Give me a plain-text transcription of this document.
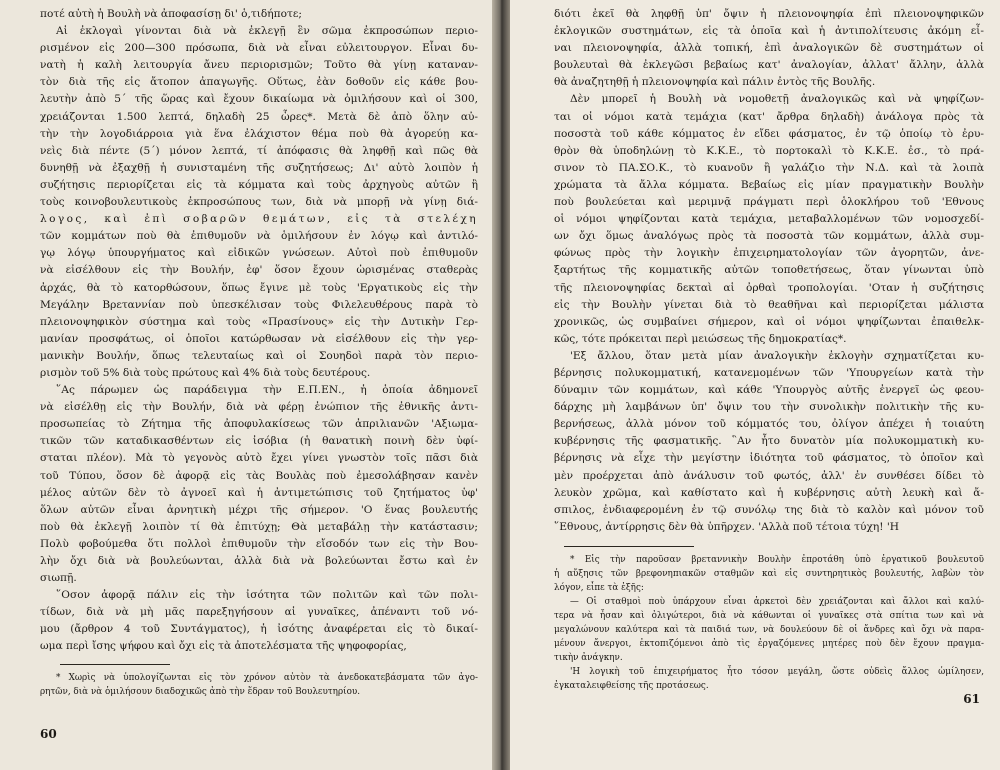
ποτέ αὐτὴ ἡ Βουλὴ νὰ ἀποφασίσῃ δι' ὁ,τιδήποτε;
Αἱ ἐκλογαὶ γίνονται διὰ νὰ ἐκλεγῇ ἓν σῶμα ἐκπροσώπων περιο-
ρισμένον εἰς 200—300 πρόσωπα, διὰ νὰ εἶναι εὐλειτουργον. Εἶναι δυ-
νατὴ ἡ καλὴ λειτουργία ἄνευ περιορισμῶν; Τοῦτο θὰ γίνῃ καταναν-
τὸν διὰ τῆς εἰς ἄτοπον ἀπαγωγῆς. Οὕτως, ἐὰν δοθοῦν εἰς κάθε βου-
λευτὴν ἀπὸ 5΄ τῆς ὥρας καὶ ἔχουν δικαίωμα νὰ ὁμιλήσουν καὶ οἱ 300,
χρειάζονται 1.500 λεπτά, δηλαδὴ 25 ὧρες*. Μετὰ δὲ ἀπὸ ὅλην αὐ-
τὴν τὴν λογοδιάρροια γιὰ ἕνα ἐλάχιστον θέμα ποὺ θὰ ἀγορεύῃ κα-
νεὶς διὰ πέντε (5΄) μόνον λεπτά, τί ἀπόφασις θὰ ληφθῇ καὶ πῶς θὰ
δυνηθῇ νὰ ἐξαχθῇ ἡ συνισταμένη τῆς συζητήσεως; Δι' αὐτὸ λοιπὸν ἡ
συζήτησις περιορίζεται εἰς τὰ κόμματα καὶ τοὺς ἀρχηγοὺς αὐτῶν ἢ
τοὺς κοινοβουλευτικοὺς ἐκπροσώπους των, διὰ νὰ μπορῇ νὰ γίνῃ διά-
λογος, καὶ ἐπὶ σοβαρῶν θεμάτων, εἰς τὰ στελέχη
τῶν κομμάτων ποὺ θὰ ἐπιθυμοῦν νὰ ὁμιλήσουν ἐν λόγῳ καὶ ἀντιλό-
γῳ λόγῳ ὑπουργήματος καὶ εἰδικῶν γνώσεων. Αὐτοὶ ποὺ ἐπιθυμοῦν
νὰ εἰσέλθουν εἰς τὴν Βουλήν, ἐφ' ὅσον ἔχουν ὡρισμένας σταθερὰς
ἀρχάς, θὰ τὸ κατορθώσουν, ὅπως ἔγινε μὲ τοὺς 'Εργατικοὺς εἰς τὴν
Μεγάλην Βρεταννίαν ποὺ ὑπεσκέλισαν τοὺς Φιλελευθέρους παρὰ τὸ
πλειονοψηφικὸν σύστημα καὶ τοὺς «Πρασίνους» εἰς τὴν Δυτικὴν Γερ-
μανίαν προσφάτως, οἱ ὁποῖοι κατώρθωσαν νὰ εἰσέλθουν εἰς τὴν γερ-
μανικὴν Βουλήν, ὅπως τελευταίως καὶ οἱ Σουηδοὶ παρὰ τὸν περιο-
ρισμὸν τοῦ 5% διὰ τοὺς πρώτους καὶ 4% διὰ τοὺς δευτέρους.
῞Ας πάρωμεν ὡς παράδειγμα τὴν Ε.Π.ΕΝ., ἡ ὁποία ἀδημονεῖ
νὰ εἰσέλθῃ εἰς τὴν Βουλήν, διὰ νὰ φέρῃ ἐνώπιον τῆς ἐθνικῆς ἀντι-
προσωπείας τὸ Ζήτημα τῆς ἀποφυλακίσεως τῶν ἀπριλιανῶν 'Αξιωμα-
τικῶν τῶν καταδικασθέντων εἰς ἰσόβια (ἡ θανατικὴ ποινὴ δὲν ὑφί-
σταται πλέον). Μὰ τὸ γεγονὸς αὐτὸ ἔχει γίνει γνωστὸν τοῖς πᾶσι διὰ
τοῦ Τύπου, ὅσον δὲ ἀφορᾷ εἰς τὰς Βουλὰς ποὺ ἐμεσολάβησαν κανὲν
μέλος αὐτῶν δὲν τὸ ἀγνοεῖ καὶ ἡ ἀντιμετώπισις τοῦ ζητήματος ὑφ'
ὅλων αὐτῶν εἶναι ἀρνητικὴ μέχρι τῆς σήμερον. 'Ο ἕνας βουλευτής
ποὺ θὰ ἐκλεγῇ λοιπὸν τί θὰ ἐπιτύχῃ; Θὰ μεταβάλῃ τὴν κατάστασιν;
Πολὺ φοβούμεθα ὅτι πολλοὶ ἐπιθυμοῦν τὴν εἴσοδόν των εἰς τὴν Βου-
λὴν ὄχι διὰ νὰ βουλεύωνται, ἀλλὰ διὰ νὰ βολεύωνται ἔστω καὶ ἐν
σιωπῇ.
῞Οσον ἀφορᾷ πάλιν εἰς τὴν ἰσότητα τῶν πολιτῶν καὶ τῶν πολι-
τίδων, διὰ νὰ μὴ μᾶς παρεξηγήσουν αἱ γυναῖκες, ἀπέναντι τοῦ νό-
μου (ἄρθρον 4 τοῦ Συντάγματος), ἡ ἰσότης ἀναφέρεται εἰς τὸ δικαί-
ωμα περὶ ἴσης ψήφου καὶ ὄχι εἰς τὰ ἀποτελέσματα τῆς ψηφοφορίας,
* Χωρὶς νὰ ὑπολογίζωνται εἰς τὸν χρόνον αὐτὸν τὰ ἀνεδοκατεβάσματα τῶν ἀγο-
ρητῶν, διὰ νὰ ὁμιλήσουν διαδοχικῶς ἀπὸ τὴν ἕδραν τοῦ Βουλευτηρίου.
60
διότι ἐκεῖ θὰ ληφθῇ ὑπ' ὄψιν ἡ πλειονοψηφία ἐπὶ πλειονοψηφικῶν
ἐκλογικῶν συστημάτων, εἰς τὰ ὁποῖα καὶ ἡ ἀντιπολίτευσις ἀκόμη εἶ-
ναι πλειονοψηφία, ἀλλὰ τοπική, ἐπὶ ἀναλογικῶν δὲ συστημάτων οἱ
βουλευταὶ θὰ ἐκλεγῶσι βεβαίως κατ' ἀναλογίαν, ἀλλατ' ἄλλην, ἀλλὰ
θὰ ἀναζητηθῇ ἡ πλειονοψηφία καὶ πάλιν ἐντὸς τῆς Βουλῆς.
Δὲν μπορεῖ ἡ Βουλὴ νὰ νομοθετῇ ἀναλογικῶς καὶ νὰ ψηφίζων-
ται οἱ νόμοι κατὰ τεμάχια (κατ' ἄρθρα δηλαδὴ) ἀνάλογα πρὸς τὰ
ποσοστὰ τοῦ κάθε κόμματος ἐν εἴδει φάσματος, ἐν τῷ ὁποίῳ τὸ ἐρυ-
θρὸν θὰ ὑποδηλώνῃ τὸ Κ.Κ.Ε., τὸ πορτοκαλὶ τὸ Κ.Κ.Ε. ἐσ., τὸ πρά-
σινον τὸ ΠΑ.ΣΟ.Κ., τὸ κυανοῦν ἢ γαλάζιο τὴν Ν.Δ. καὶ τὰ λοιπὰ
χρώματα τὰ ἄλλα κόμματα. Βεβαίως εἰς μίαν πραγματικὴν Βουλὴν
ποὺ βουλεύεται καὶ μεριμνᾷ πράγματι περὶ ὁλοκλήρου τοῦ 'Εθνους
οἱ νόμοι ψηφίζονται κατὰ τεμάχια, μεταβαλλομένων τῶν νομοσχεδί-
ων ὄχι ὅμως ἀναλόγως πρὸς τὰ ποσοστὰ τῶν κομμάτων, ἀλλὰ συμ-
φώνως πρὸς τὴν λογικὴν ἐπιχειρηματολογίαν τῶν ἀγορητῶν, ἀνε-
ξαρτήτως τῆς κομματικῆς αὐτῶν τοποθετήσεως, ὅταν γίνωνται ὑπὸ
τῆς πλειονοψηφίας δεκταὶ αἱ ὀρθαὶ τροπολογίαι. 'Οταν ἡ συζήτησις
εἰς τὴν Βουλὴν γίνεται διὰ τὸ θεαθῆναι καὶ περιορίζεται μάλιστα
χρονικῶς, ὡς συμβαίνει σήμερον, καὶ οἱ νόμοι ψηφίζωνται ἐπαιθελκ-
κῶς, τότε πρόκειται περὶ μειώσεως τῆς δημοκρατίας*.
'Εξ ἄλλου, ὅταν μετὰ μίαν ἀναλογικὴν ἐκλογὴν σχηματίζεται κυ-
βέρνησις πολυκομματική, κατανεμομένων τῶν 'Υπουργείων κατὰ τὴν
δύναμιν τῶν κομμάτων, καὶ κάθε 'Υπουργὸς αὐτῆς ἐνεργεῖ ὡς φεου-
δάρχης μὴ λαμβάνων ὑπ' ὄψιν του τὴν συνολικὴν πολιτικὴν τῆς κυ-
βερνήσεως, ἀλλὰ μόνον τοῦ κόμματός του, ὀλίγον ἀπέχει ἡ τοιαύτη
κυβέρνησις τῆς φασματικῆς. ῝Αν ἦτο δυνατὸν μία πολυκομματικὴ κυ-
βέρνησις νὰ εἶχε τὴν μεγίστην ἰδιότητα τοῦ φάσματος, τὸ ὁποῖον καὶ
μὲν προέρχεται ἀπὸ ἀνάλυσιν τοῦ φωτός, ἀλλ' ἐν συνθέσει δίδει τὸ
λευκὸν χρῶμα, καὶ καθίστατο καὶ ἡ κυβέρνησις αὐτὴ λευκὴ καὶ ἄ-
σπιλος, ἐνδιαφερομένη ἐν τῷ συνόλῳ της διὰ τὸ καλὸν καὶ μόνον τοῦ
῞Εθνους, ἀντίρρησις δὲν θὰ ὑπῆρχεν. 'Αλλὰ ποῦ τέτοια τύχη! 'Η
* Εἰς τὴν παροῦσαν βρεταννικὴν Βουλὴν ἐπροτάθη ὑπὸ ἐργατικοῦ βουλευτοῦ
ἡ αὔξησις τῶν βρεφονηπιακῶν σταθμῶν καὶ εἰς συντηρητικὸς βουλευτής, λαβὼν τὸν
λόγον, εἶπε τὰ ἑξῆς:
— Οἱ σταθμοὶ ποὺ ὑπάρχουν εἶναι ἀρκετοὶ δὲν χρειάζονται καὶ ἄλλοι καὶ καλύ-
τερα νὰ ἦσαν καὶ ὀλιγώτεροι, διὰ νὰ κάθωνται οἱ γυναῖκες στὰ σπίτια των καὶ νὰ
μεγαλώνουν καλύτερα καὶ τὰ παιδιά των, νὰ δουλεύουν δὲ οἱ ἄνδρες καὶ ὄχι νὰ παρα-
μένουν ἄνεργοι, ἐκτοπιζόμενοι ἀπὸ τὶς ἐργαζόμενες μητέρες ποὺ δὲν ἔχουν πραγμα-
τικὴν ἀνάγκην.
'Η λογικὴ τοῦ ἐπιχειρήματος ἦτο τόσον μεγάλη, ὥστε οὐδεὶς ἄλλος ὡμίλησεν,
ἐγκαταλειφθείσης τῆς προτάσεως.
61
